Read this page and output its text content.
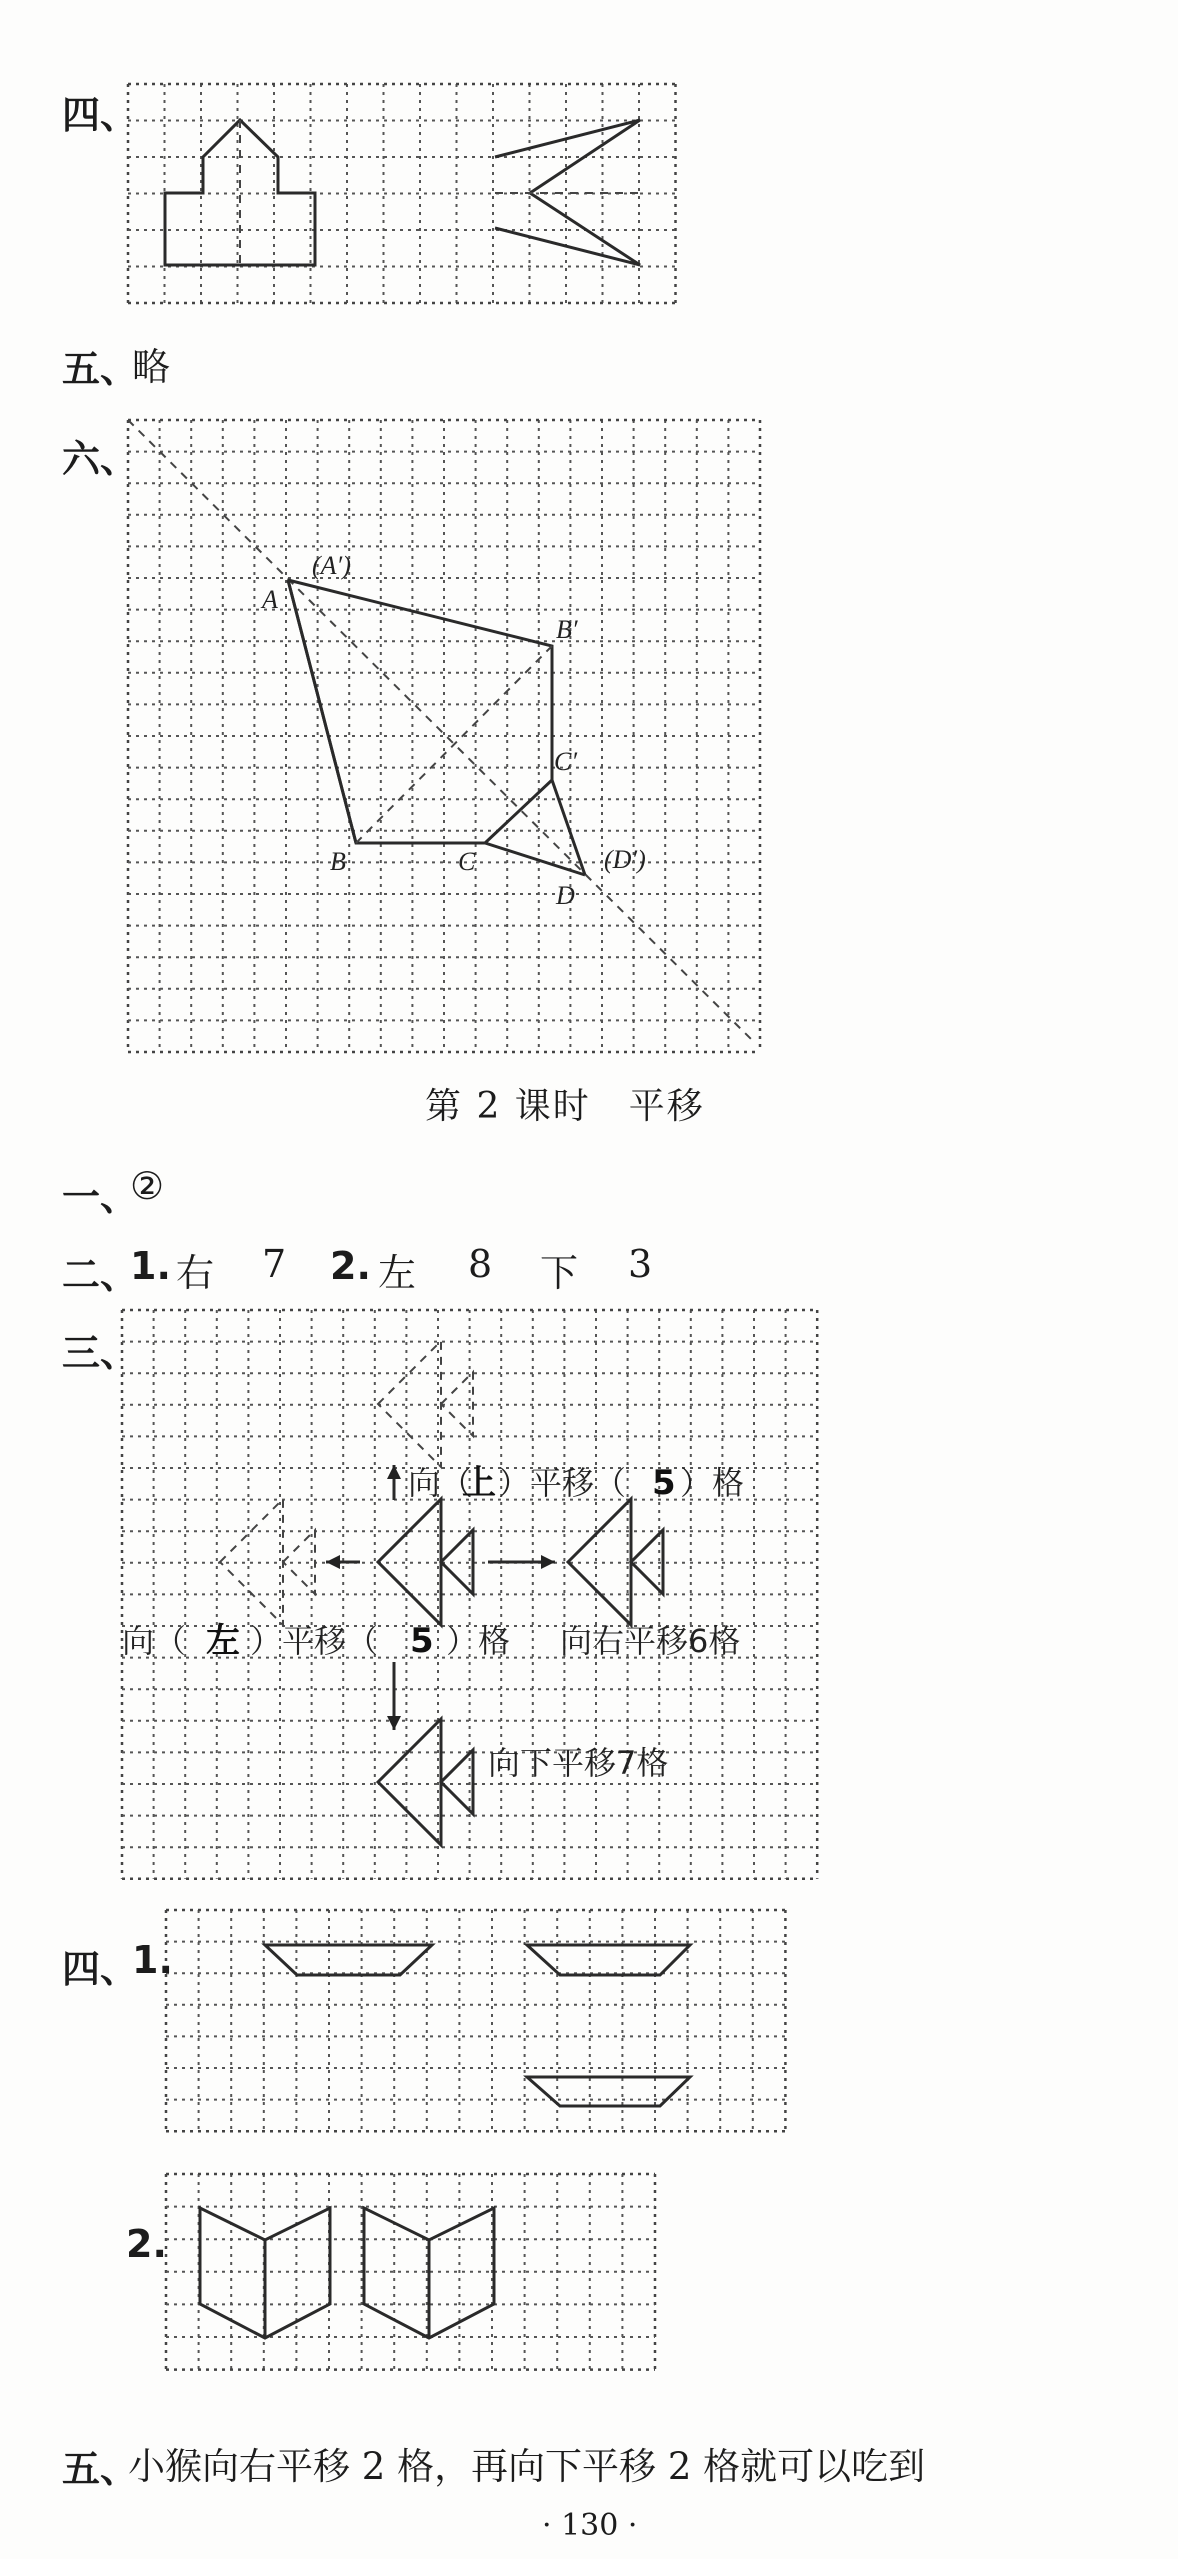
四、
A
(A′)
B
B′
C
C′
D
(D′)
向（
上 ）平移（ 5 ）格
向（ 左 ）平移（ 5 ）格 向右平移6格
向下平移7格
五、
略
六、
第 2 课时　平移
一、
②
二、
1. 右 7 2. 左 8 下 3
三、
四、
1.
2.
五、
小猴向右平移 2 格，再向下平移 2 格就可以吃到
· 130 ·
